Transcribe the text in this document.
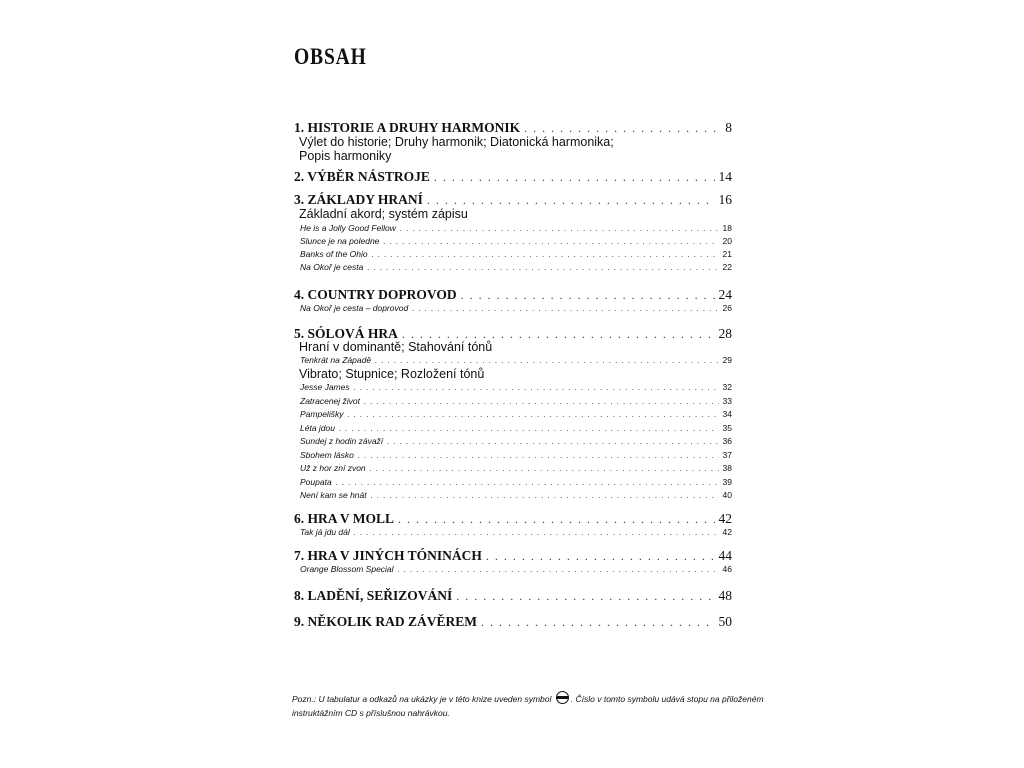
OBSAH
1. HISTORIE A DRUHY HARMONIK . . .	8
Výlet do historie; Druhy harmonik; Diatonická harmonika;
Popis harmoniky
2. VÝBĚR NÁSTROJE . . .	14
3. ZÁKLADY HRANÍ . . .	16
Základní akord; systém zápisu
He is a Jolly Good Fellow . . .	18
Slunce je na poledne . . .	20
Banks of the Ohio . . .	21
Na Okoř je cesta . . .	22
4. COUNTRY DOPROVOD . . .	24
Na Okoř je cesta – doprovod . . .	26
5. SÓLOVÁ HRA . . .	28
Hraní v dominantě; Stahování tónů
Tenkrát na Západě . . .	29
Vibrato; Stupnice; Rozložení tónů
Jesse James . . .	32
Zatracenej život . . .	33
Pampelišky . . .	34
Léta jdou . . .	35
Sundej z hodin závaží . . .	36
Sbohem lásko . . .	37
Už z hor zní zvon . . .	38
Poupata . . .	39
Není kam se hnát . . .	40
6. HRA V MOLL . . .	42
Tak já jdu dál . . .	42
7. HRA V JINÝCH TÓNINÁCH . . .	44
Orange Blossom Special . . .	46
8. LADĚNÍ, SEŘIZOVÁNÍ . . .	48
9. NĚKOLIK RAD ZÁVĚREM . . .	50
Pozn.: U tabulatur a odkazů na ukázky je v této knize uveden symbol . Číslo v tomto symbolu udává stopu na přiloženém instruktážním CD s příslušnou nahrávkou.
